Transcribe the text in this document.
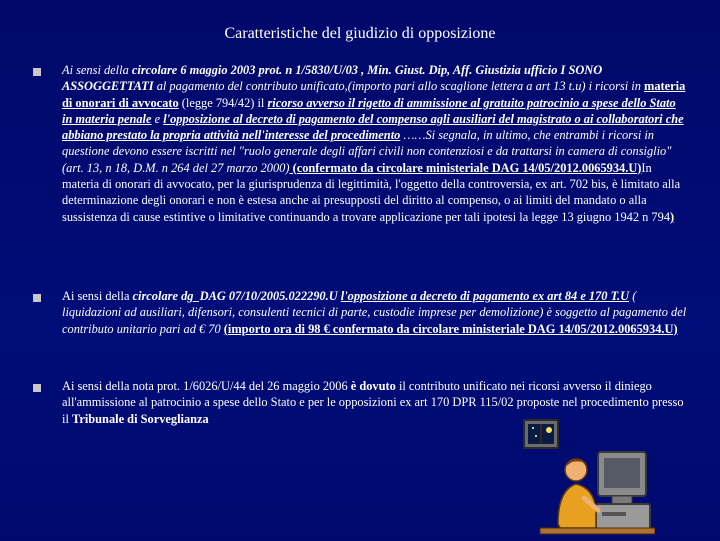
Caratteristiche del giudizio di opposizione
Ai sensi della circolare 6 maggio 2003 prot. n 1/5830/U/03 , Min. Giust. Dip, Aff. Giustizia ufficio I SONO ASSOGGETTATI al pagamento del contributo unificato,(importo pari allo scaglione lettera a art 13 t.u) i ricorsi in materia di onorari di avvocato (legge 794/42) il ricorso avverso il rigetto di ammissione al gratuito patrocinio a spese dello Stato in materia penale e l'opposizione al decreto di pagamento del compenso agli ausiliari del magistrato o ai collaboratori che abbiano prestato la propria attività nell'interesse del procedimento ……Si segnala, in ultimo, che entrambi i ricorsi in questione devono essere iscritti nel "ruolo generale degli affari civili non contenziosi e da trattarsi in camera di consiglio" (art. 13, n 18, D.M. n 264 del 27 marzo 2000) (confermato da circolare ministeriale DAG 14/05/2012.0065934.U)In materia di onorari di avvocato, per la giurisprudenza di legittimità, l'oggetto della controversia, ex art. 702 bis, è limitato alla determinazione degli onorari e non è estesa anche ai presupposti del diritto al compenso, o ai limiti del mandato o alla sussistenza di cause estintive o limitative continuando a trovare applicazione per tali ipotesi la legge 13 giugno 1942 n 794)
Ai sensi della circolare dg_DAG 07/10/2005.022290.U l'opposizione a decreto di pagamento ex art 84 e 170 T.U ( liquidazioni ad ausiliari, difensori, consulenti tecnici di parte, custodie imprese per demolizione) è soggetto al pagamento del contributo unitario pari ad € 70 (importo ora di 98 € confermato da circolare ministeriale DAG 14/05/2012.0065934.U)
Ai sensi della nota prot. 1/6026/U/44 del 26 maggio 2006 è dovuto il contributo unificato nei ricorsi avverso il diniego all'ammissione al patrocinio a spese dello Stato e per le opposizioni ex art 170 DPR 115/02 proposte nel procedimento presso il Tribunale di Sorveglianza
